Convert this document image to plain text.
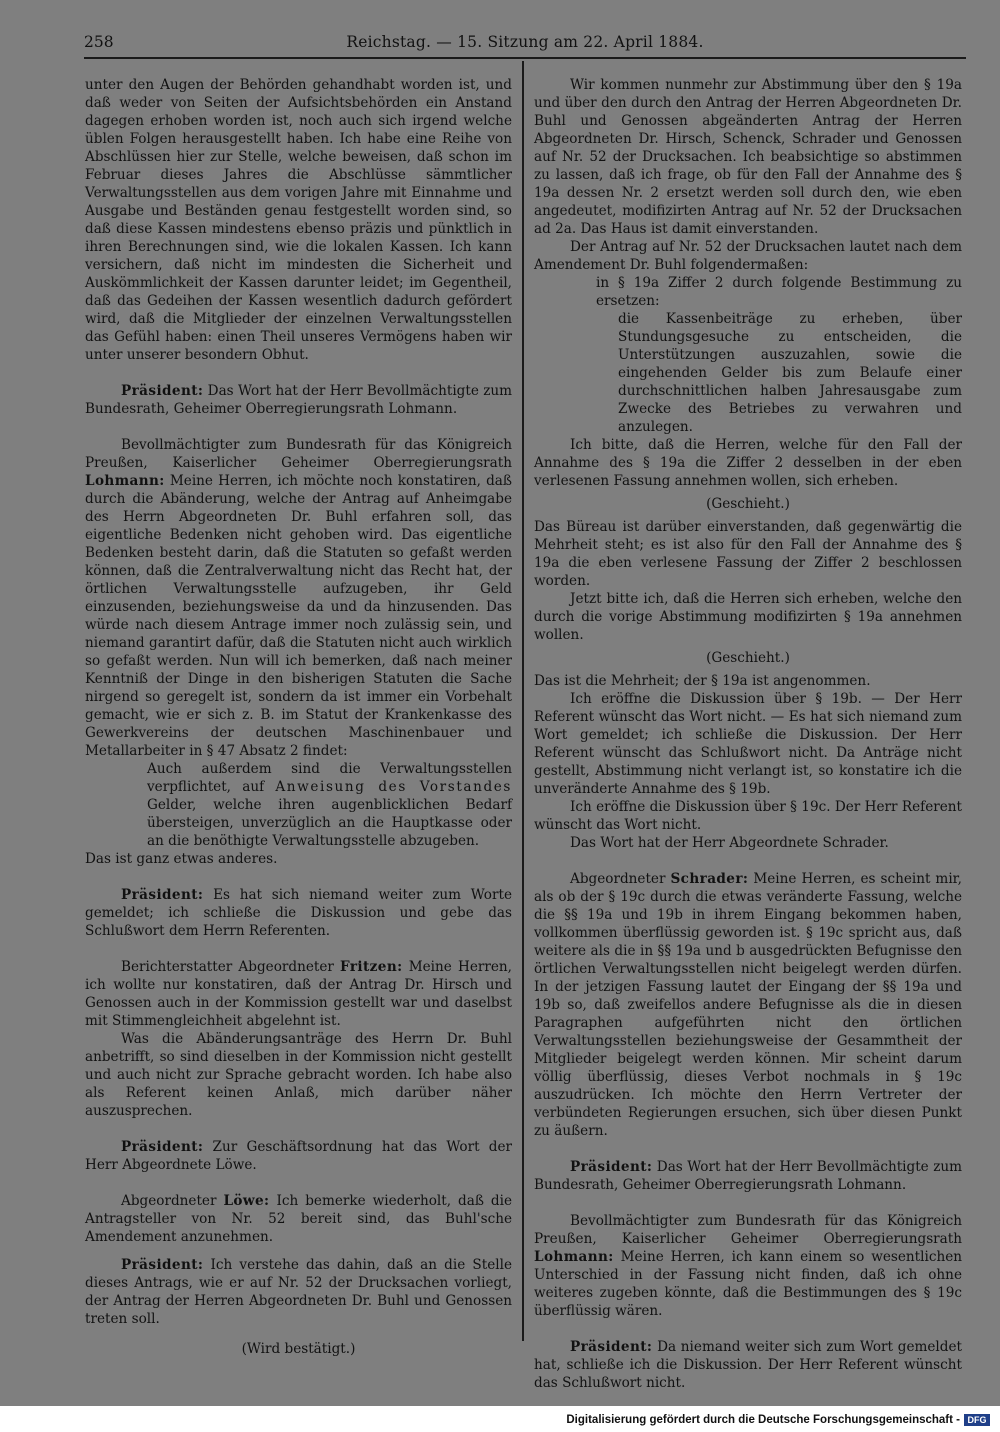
258	Reichstag. — 15. Sitzung am 22. April 1884.

unter den Augen der Behörden gehandhabt worden ist, und daß weder von Seiten der Aufsichtsbehörden ein Anstand dagegen erhoben worden ist, noch auch sich irgend welche üblen Folgen herausgestellt haben. Ich habe eine Reihe von Abschlüssen hier zur Stelle, welche beweisen, daß schon im Februar dieses Jahres die Abschlüsse sämmtlicher Verwaltungsstellen aus dem vorigen Jahre mit Einnahme und Ausgabe und Beständen genau festgestellt worden sind, so daß diese Kassen mindestens ebenso präzis und pünktlich in ihren Berechnungen sind, wie die lokalen Kassen. Ich kann versichern, daß nicht im mindesten die Sicherheit und Auskömmlichkeit der Kassen darunter leidet; im Gegentheil, daß das Gedeihen der Kassen wesentlich dadurch gefördert wird, daß die Mitglieder der einzelnen Verwaltungsstellen das Gefühl haben: einen Theil unseres Vermögens haben wir unter unserer besondern Obhut.

Präsident: Das Wort hat der Herr Bevollmächtigte zum Bundesrath, Geheimer Oberregierungsrath Lohmann.

Bevollmächtigter zum Bundesrath für das Königreich Preußen, Kaiserlicher Geheimer Oberregierungsrath Lohmann: Meine Herren, ich möchte noch konstatiren, daß durch die Abänderung, welche der Antrag auf Anheimgabe des Herrn Abgeordneten Dr. Buhl erfahren soll, das eigentliche Bedenken nicht gehoben wird. Das eigentliche Bedenken besteht darin, daß die Statuten so gefaßt werden können, daß die Zentralverwaltung nicht das Recht hat, der örtlichen Verwaltungsstelle aufzugeben, ihr Geld einzusenden, beziehungsweise da und da hinzusenden. Das würde nach diesem Antrage immer noch zulässig sein, und niemand garantirt dafür, daß die Statuten nicht auch wirklich so gefaßt werden. Nun will ich bemerken, daß nach meiner Kenntniß der Dinge in den bisherigen Statuten die Sache nirgend so geregelt ist, sondern da ist immer ein Vorbehalt gemacht, wie er sich z. B. im Statut der Krankenkasse des Gewerkvereins der deutschen Maschinenbauer und Metallarbeiter in § 47 Absatz 2 findet:

Auch außerdem sind die Verwaltungsstellen verpflichtet, auf Anweisung des Vorstandes Gelder, welche ihren augenblicklichen Bedarf übersteigen, unverzüglich an die Hauptkasse oder an die benöthigte Verwaltungsstelle abzugeben.

Das ist ganz etwas anderes.

Präsident: Es hat sich niemand weiter zum Worte gemeldet; ich schließe die Diskussion und gebe das Schlußwort dem Herrn Referenten.

Berichterstatter Abgeordneter Fritzen: Meine Herren, ich wollte nur konstatiren, daß der Antrag Dr. Hirsch und Genossen auch in der Kommission gestellt war und daselbst mit Stimmengleichheit abgelehnt ist.

Was die Abänderungsanträge des Herrn Dr. Buhl anbetrifft, so sind dieselben in der Kommission nicht gestellt und auch nicht zur Sprache gebracht worden. Ich habe also als Referent keinen Anlaß, mich darüber näher auszusprechen.

Präsident: Zur Geschäftsordnung hat das Wort der Herr Abgeordnete Löwe.

Abgeordneter Löwe: Ich bemerke wiederholt, daß die Antragsteller von Nr. 52 bereit sind, das Buhl'sche Amendement anzunehmen.

Präsident: Ich verstehe das dahin, daß an die Stelle dieses Antrags, wie er auf Nr. 52 der Drucksachen vorliegt, der Antrag der Herren Abgeordneten Dr. Buhl und Genossen treten soll.

(Wird bestätigt.)

Wir kommen nunmehr zur Abstimmung über den § 19a und über den durch den Antrag der Herren Abgeordneten Dr. Buhl und Genossen abgeänderten Antrag der Herren Abgeordneten Dr. Hirsch, Schenck, Schrader und Genossen auf Nr. 52 der Drucksachen. Ich beabsichtige so abstimmen zu lassen, daß ich frage, ob für den Fall der Annahme des § 19a dessen Nr. 2 ersetzt werden soll durch den, wie eben angedeutet, modifizirten Antrag auf Nr. 52 der Drucksachen ad 2a. Das Haus ist damit einverstanden.

Der Antrag auf Nr. 52 der Drucksachen lautet nach dem Amendement Dr. Buhl folgendermaßen:

in § 19a Ziffer 2 durch folgende Bestimmung zu ersetzen:

die Kassenbeiträge zu erheben, über Stundungsgesuche zu entscheiden, die Unterstützungen auszuzahlen, sowie die eingehenden Gelder bis zum Belaufe einer durchschnittlichen halben Jahresausgabe zum Zwecke des Betriebes zu verwahren und anzulegen.

Ich bitte, daß die Herren, welche für den Fall der Annahme des § 19a die Ziffer 2 desselben in der eben verlesenen Fassung annehmen wollen, sich erheben.

(Geschieht.)

Das Büreau ist darüber einverstanden, daß gegenwärtig die Mehrheit steht; es ist also für den Fall der Annahme des § 19a die eben verlesene Fassung der Ziffer 2 beschlossen worden.

Jetzt bitte ich, daß die Herren sich erheben, welche den durch die vorige Abstimmung modifizirten § 19a annehmen wollen.

(Geschieht.)

Das ist die Mehrheit; der § 19a ist angenommen.

Ich eröffne die Diskussion über § 19b. — Der Herr Referent wünscht das Wort nicht. — Es hat sich niemand zum Wort gemeldet; ich schließe die Diskussion. Der Herr Referent wünscht das Schlußwort nicht. Da Anträge nicht gestellt, Abstimmung nicht verlangt ist, so konstatire ich die unveränderte Annahme des § 19b.

Ich eröffne die Diskussion über § 19c. Der Herr Referent wünscht das Wort nicht.

Das Wort hat der Herr Abgeordnete Schrader.

Abgeordneter Schrader: Meine Herren, es scheint mir, als ob der § 19c durch die etwas veränderte Fassung, welche die §§ 19a und 19b in ihrem Eingang bekommen haben, vollkommen überflüssig geworden ist. § 19c spricht aus, daß weitere als die in §§ 19a und b ausgedrückten Befugnisse den örtlichen Verwaltungsstellen nicht beigelegt werden dürfen. In der jetzigen Fassung lautet der Eingang der §§ 19a und 19b so, daß zweifellos andere Befugnisse als die in diesen Paragraphen aufgeführten nicht den örtlichen Verwaltungsstellen beziehungsweise der Gesammtheit der Mitglieder beigelegt werden können. Mir scheint darum völlig überflüssig, dieses Verbot nochmals in § 19c auszudrücken. Ich möchte den Herrn Vertreter der verbündeten Regierungen ersuchen, sich über diesen Punkt zu äußern.

Präsident: Das Wort hat der Herr Bevollmächtigte zum Bundesrath, Geheimer Oberregierungsrath Lohmann.

Bevollmächtigter zum Bundesrath für das Königreich Preußen, Kaiserlicher Geheimer Oberregierungsrath Lohmann: Meine Herren, ich kann einem so wesentlichen Unterschied in der Fassung nicht finden, daß ich ohne weiteres zugeben könnte, daß die Bestimmungen des § 19c überflüssig wären.

Präsident: Da niemand weiter sich zum Wort gemeldet hat, schließe ich die Diskussion. Der Herr Referent wünscht das Schlußwort nicht.

Digitalisierung gefördert durch die Deutsche Forschungsgemeinschaft - DFG
